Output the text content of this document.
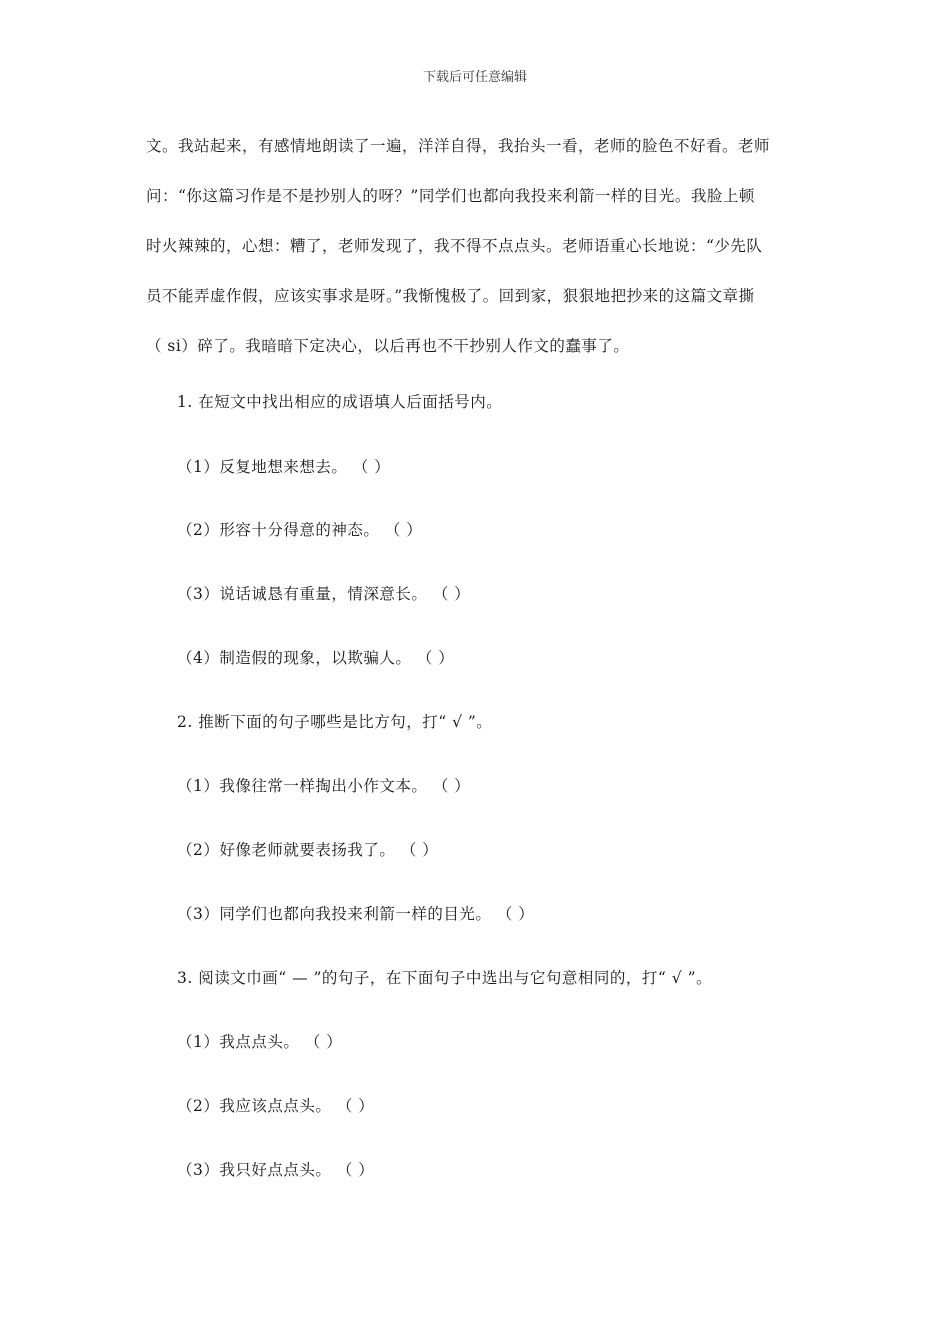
下载后可任意编辑

文。我站起来，有感情地朗读了一遍，洋洋自得，我抬头一看，老师的脸色不好看。老师

问：“你这篇习作是不是抄别人的呀？”同学们也都向我投来利箭一样的目光。我脸上顿

时火辣辣的，心想：糟了，老师发现了，我不得不点点头。老师语重心长地说：“少先队

员不能弄虚作假，应该实事求是呀。”我惭愧极了。回到家，狠狠地把抄来的这篇文章撕

（ si）碎了。我暗暗下定决心，以后再也不干抄别人作文的蠢事了。

1. 在短文中找出相应的成语填人后面括号内。
（1）反复地想来想去。 （ ）
（2）形容十分得意的神态。 （ ）
（3）说话诚恳有重量，情深意长。 （ ）
（4）制造假的现象，以欺骗人。 （ ）
2. 推断下面的句子哪些是比方句，打“ √ ”。
（1）我像往常一样掏出小作文本。 （ ）
（2）好像老师就要表扬我了。 （ ）
（3）同学们也都向我投来利箭一样的目光。 （ ）
3. 阅读文巾画“ — ”的句子，在下面句子中选出与它句意相同的，打“ √ ”。
（1）我点点头。 （ ）
（2）我应该点点头。 （ ）
（3）我只好点点头。 （ ）
